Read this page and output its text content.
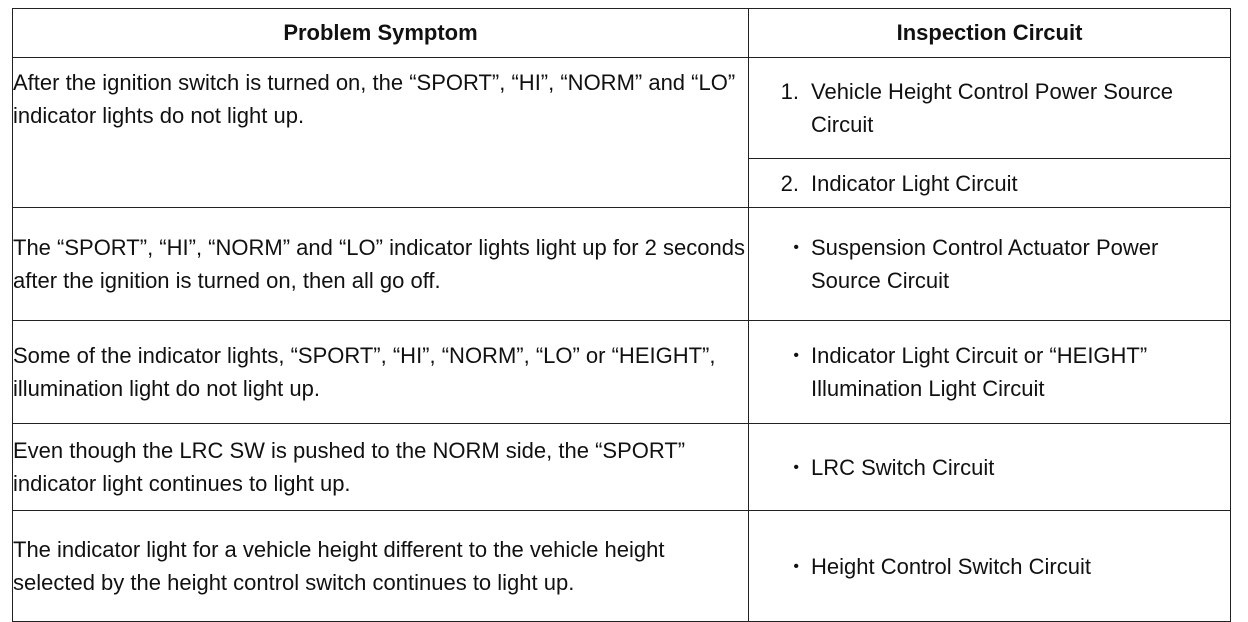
Problem Symptom	Inspection Circuit
After the ignition switch is turned on, the “SPORT”, “HI”, “NORM” and “LO” indicator lights do not light up.	1. Vehicle Height Control Power Source Circuit

	2. Indicator Light Circuit

The “SPORT”, “HI”, “NORM” and “LO” indicator lights light up for 2 seconds after the ignition is turned on, then all go off.	• Suspension Control Actuator Power Source Circuit

Some of the indicator lights, “SPORT”, “HI”, “NORM”, “LO” or “HEIGHT”, illumination light do not light up.	• Indicator Light Circuit or “HEIGHT” Illumination Light Circuit

Even though the LRC SW is pushed to the NORM side, the “SPORT” indicator light continues to light up.	• LRC Switch Circuit

The indicator light for a vehicle height different to the vehicle height selected by the height control switch continues to light up.	• Height Control Switch Circuit
